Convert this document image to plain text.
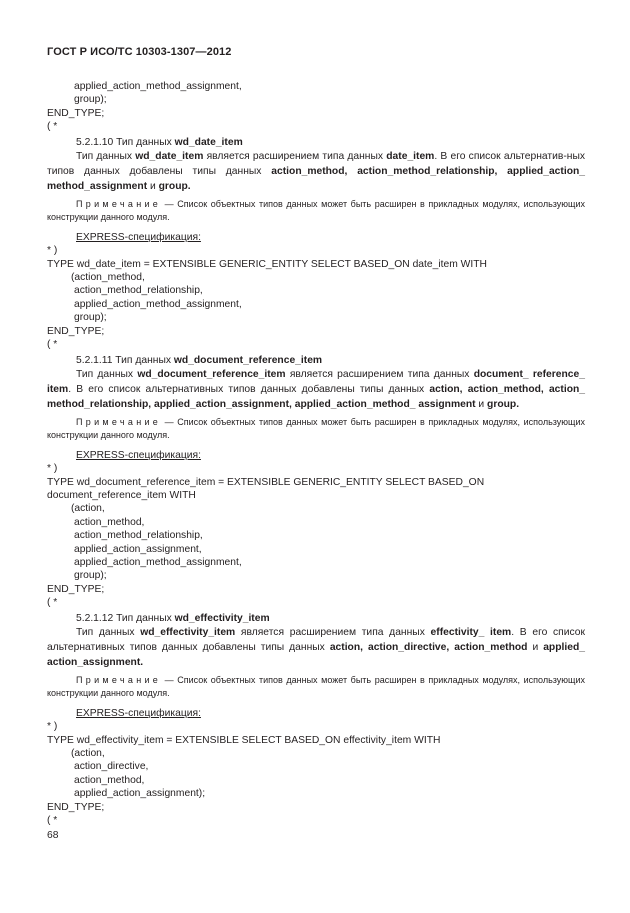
ГОСТ Р ИСО/ТС 10303-1307—2012
applied_action_method_assignment,
group);
END_TYPE;
( *
5.2.1.10 Тип данных wd_date_item
Тип данных wd_date_item является расширением типа данных date_item. В его список альтернатив-ных типов данных добавлены типы данных action_method, action_method_relationship, applied_action_ method_assignment и group.
Примечание — Список объектных типов данных может быть расширен в прикладных модулях, использующих конструкции данного модуля.
EXPRESS-спецификация:
* )
TYPE wd_date_item = EXTENSIBLE GENERIC_ENTITY SELECT BASED_ON date_item WITH
(action_method,
action_method_relationship,
applied_action_method_assignment,
group);
END_TYPE;
( *
5.2.1.11 Тип данных wd_document_reference_item
Тип данных wd_document_reference_item является расширением типа данных document_ reference_ item. В его список альтернативных типов данных добавлены типы данных action, action_method, action_ method_relationship, applied_action_assignment, applied_action_method_ assignment и group.
Примечание — Список объектных типов данных может быть расширен в прикладных модулях, использующих конструкции данного модуля.
EXPRESS-спецификация:
* )
TYPE wd_document_reference_item = EXTENSIBLE GENERIC_ENTITY SELECT BASED_ON
document_reference_item WITH
(action,
action_method,
action_method_relationship,
applied_action_assignment,
applied_action_method_assignment,
group);
END_TYPE;
( *
5.2.1.12 Тип данных wd_effectivity_item
Тип данных wd_effectivity_item является расширением типа данных effectivity_ item. В его список альтернативных типов данных добавлены типы данных action, action_directive, action_method и applied_ action_assignment.
Примечание — Список объектных типов данных может быть расширен в прикладных модулях, использующих конструкции данного модуля.
EXPRESS-спецификация:
* )
TYPE wd_effectivity_item = EXTENSIBLE SELECT BASED_ON effectivity_item WITH
(action,
action_directive,
action_method,
applied_action_assignment);
END_TYPE;
( *
68
